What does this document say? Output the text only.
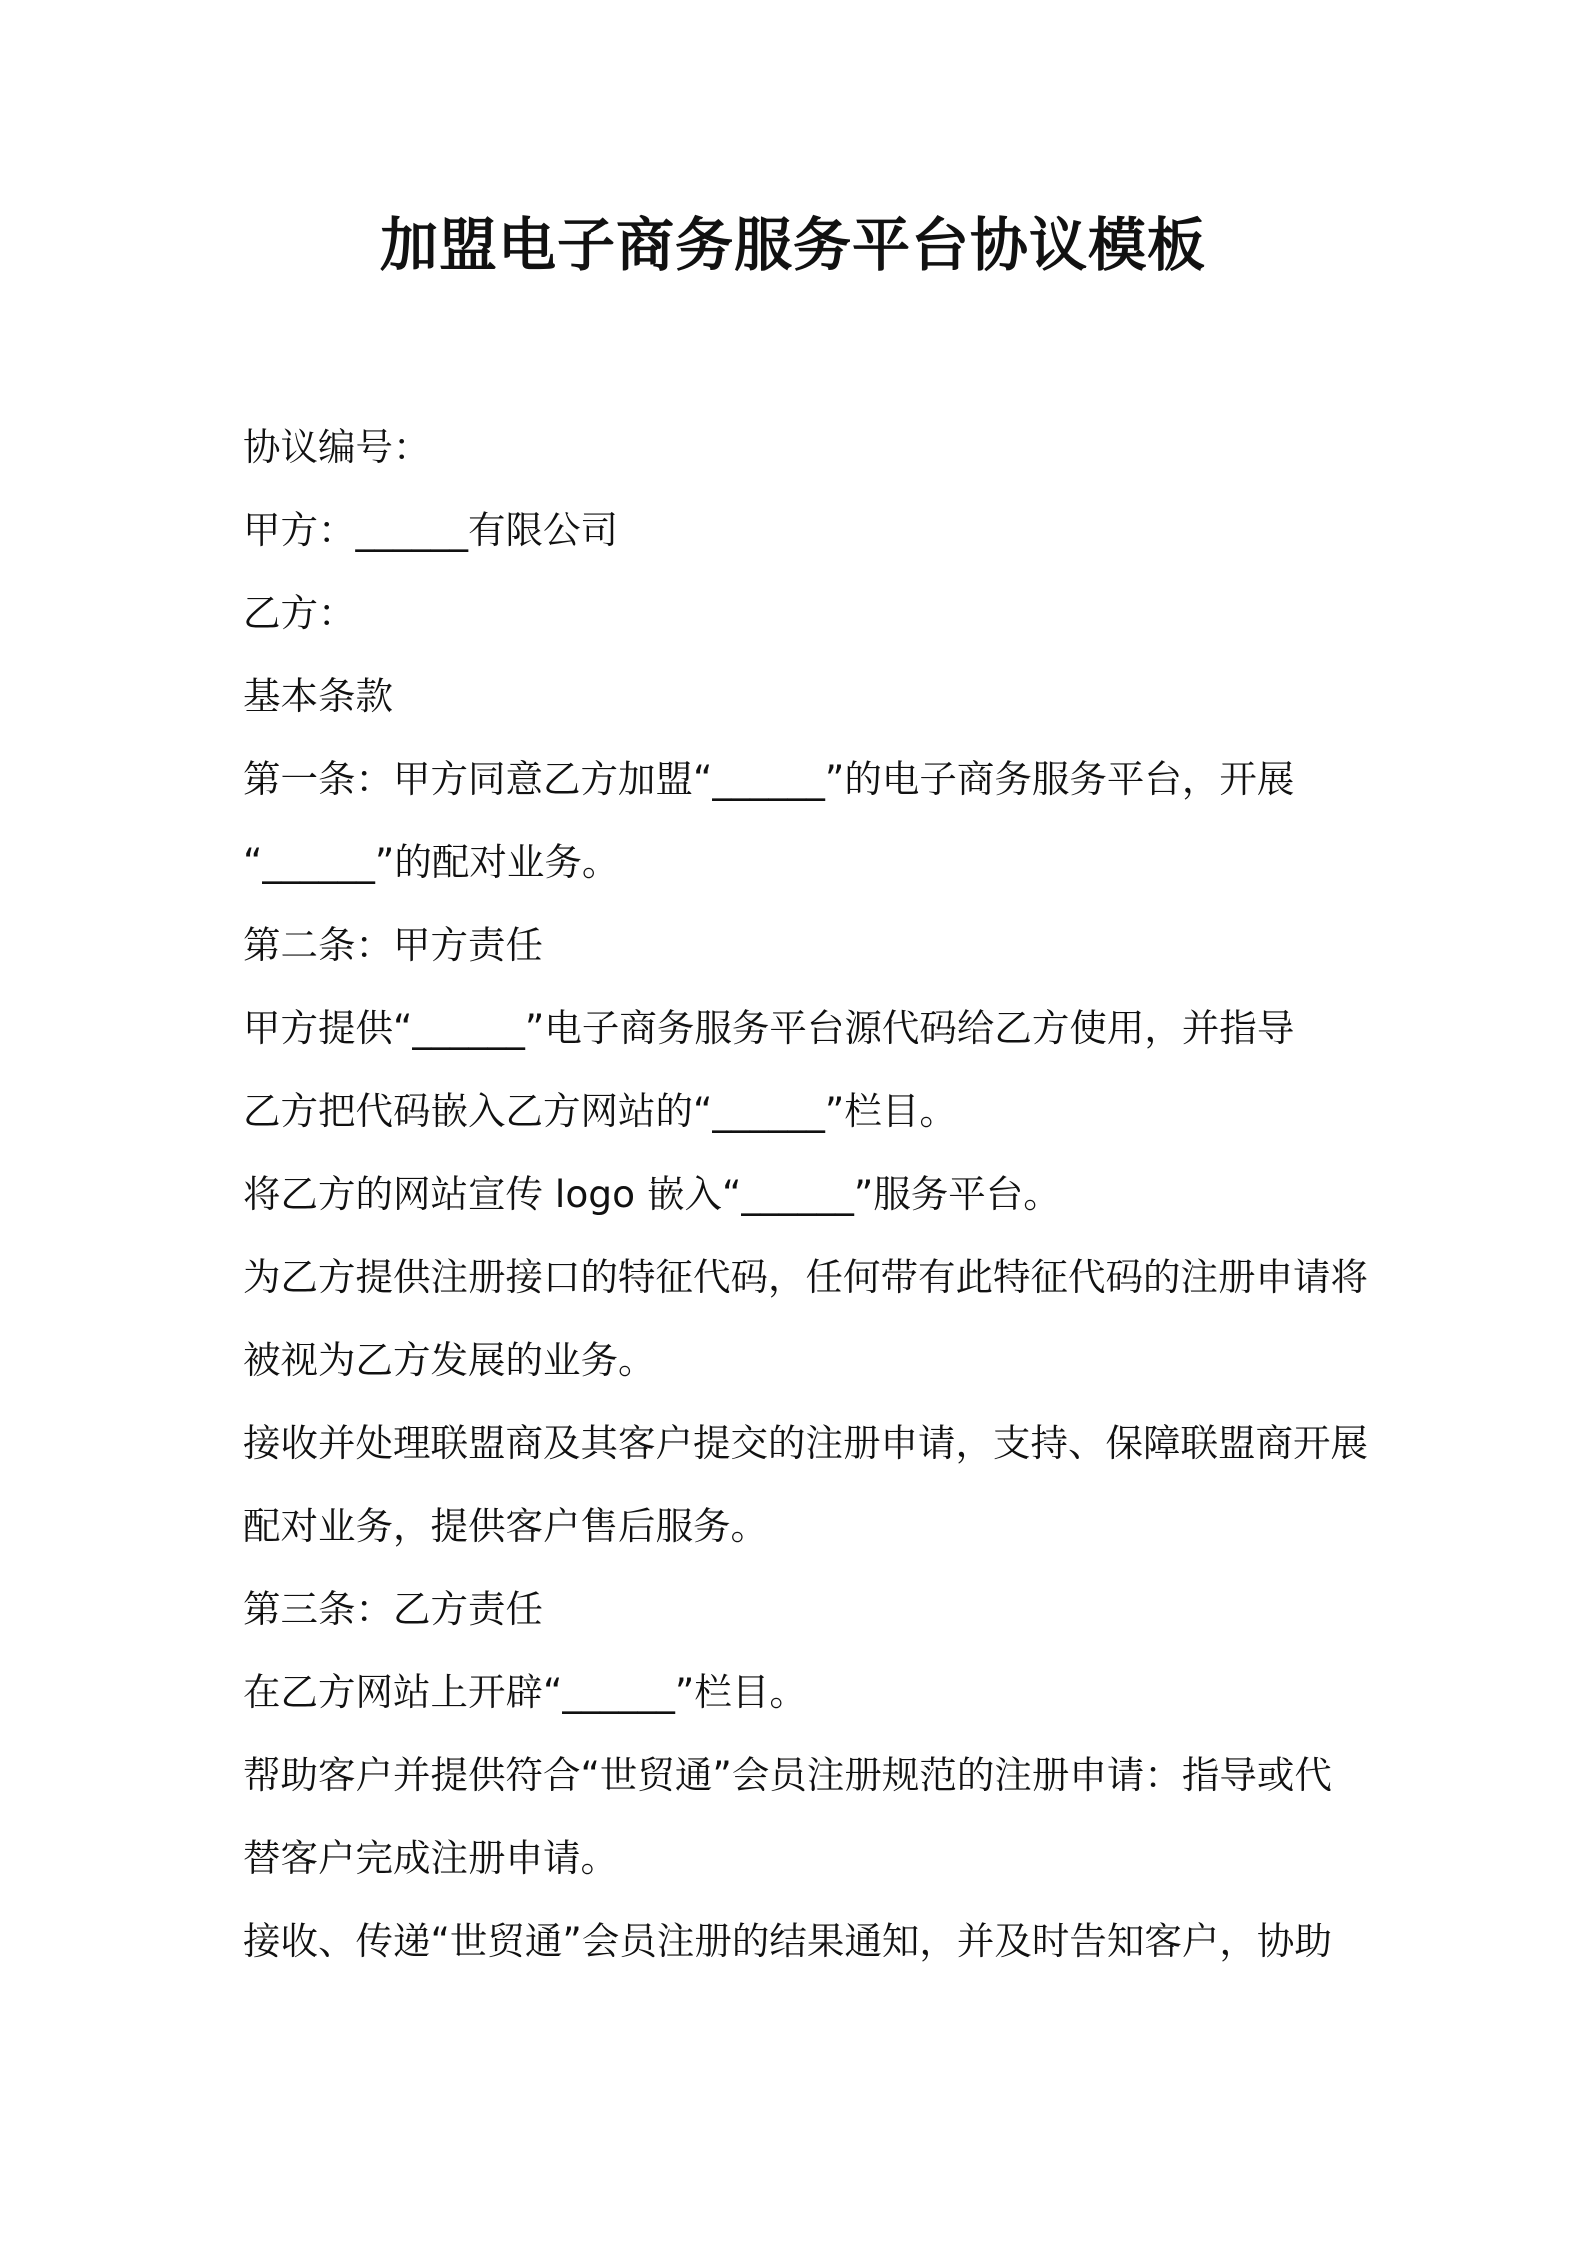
加盟电子商务服务平台协议模板

协议编号：

甲方：______有限公司

乙方：

基本条款

第一条：甲方同意乙方加盟“______”的电子商务服务平台，开展

“______”的配对业务。

第二条：甲方责任

甲方提供“______”电子商务服务平台源代码给乙方使用，并指导

乙方把代码嵌入乙方网站的“______”栏目。

将乙方的网站宣传 logo 嵌入“______”服务平台。

为乙方提供注册接口的特征代码，任何带有此特征代码的注册申请将

被视为乙方发展的业务。

接收并处理联盟商及其客户提交的注册申请，支持、保障联盟商开展

配对业务，提供客户售后服务。

第三条：乙方责任

在乙方网站上开辟“______”栏目。

帮助客户并提供符合“世贸通”会员注册规范的注册申请：指导或代

替客户完成注册申请。

接收、传递“世贸通”会员注册的结果通知，并及时告知客户，协助
